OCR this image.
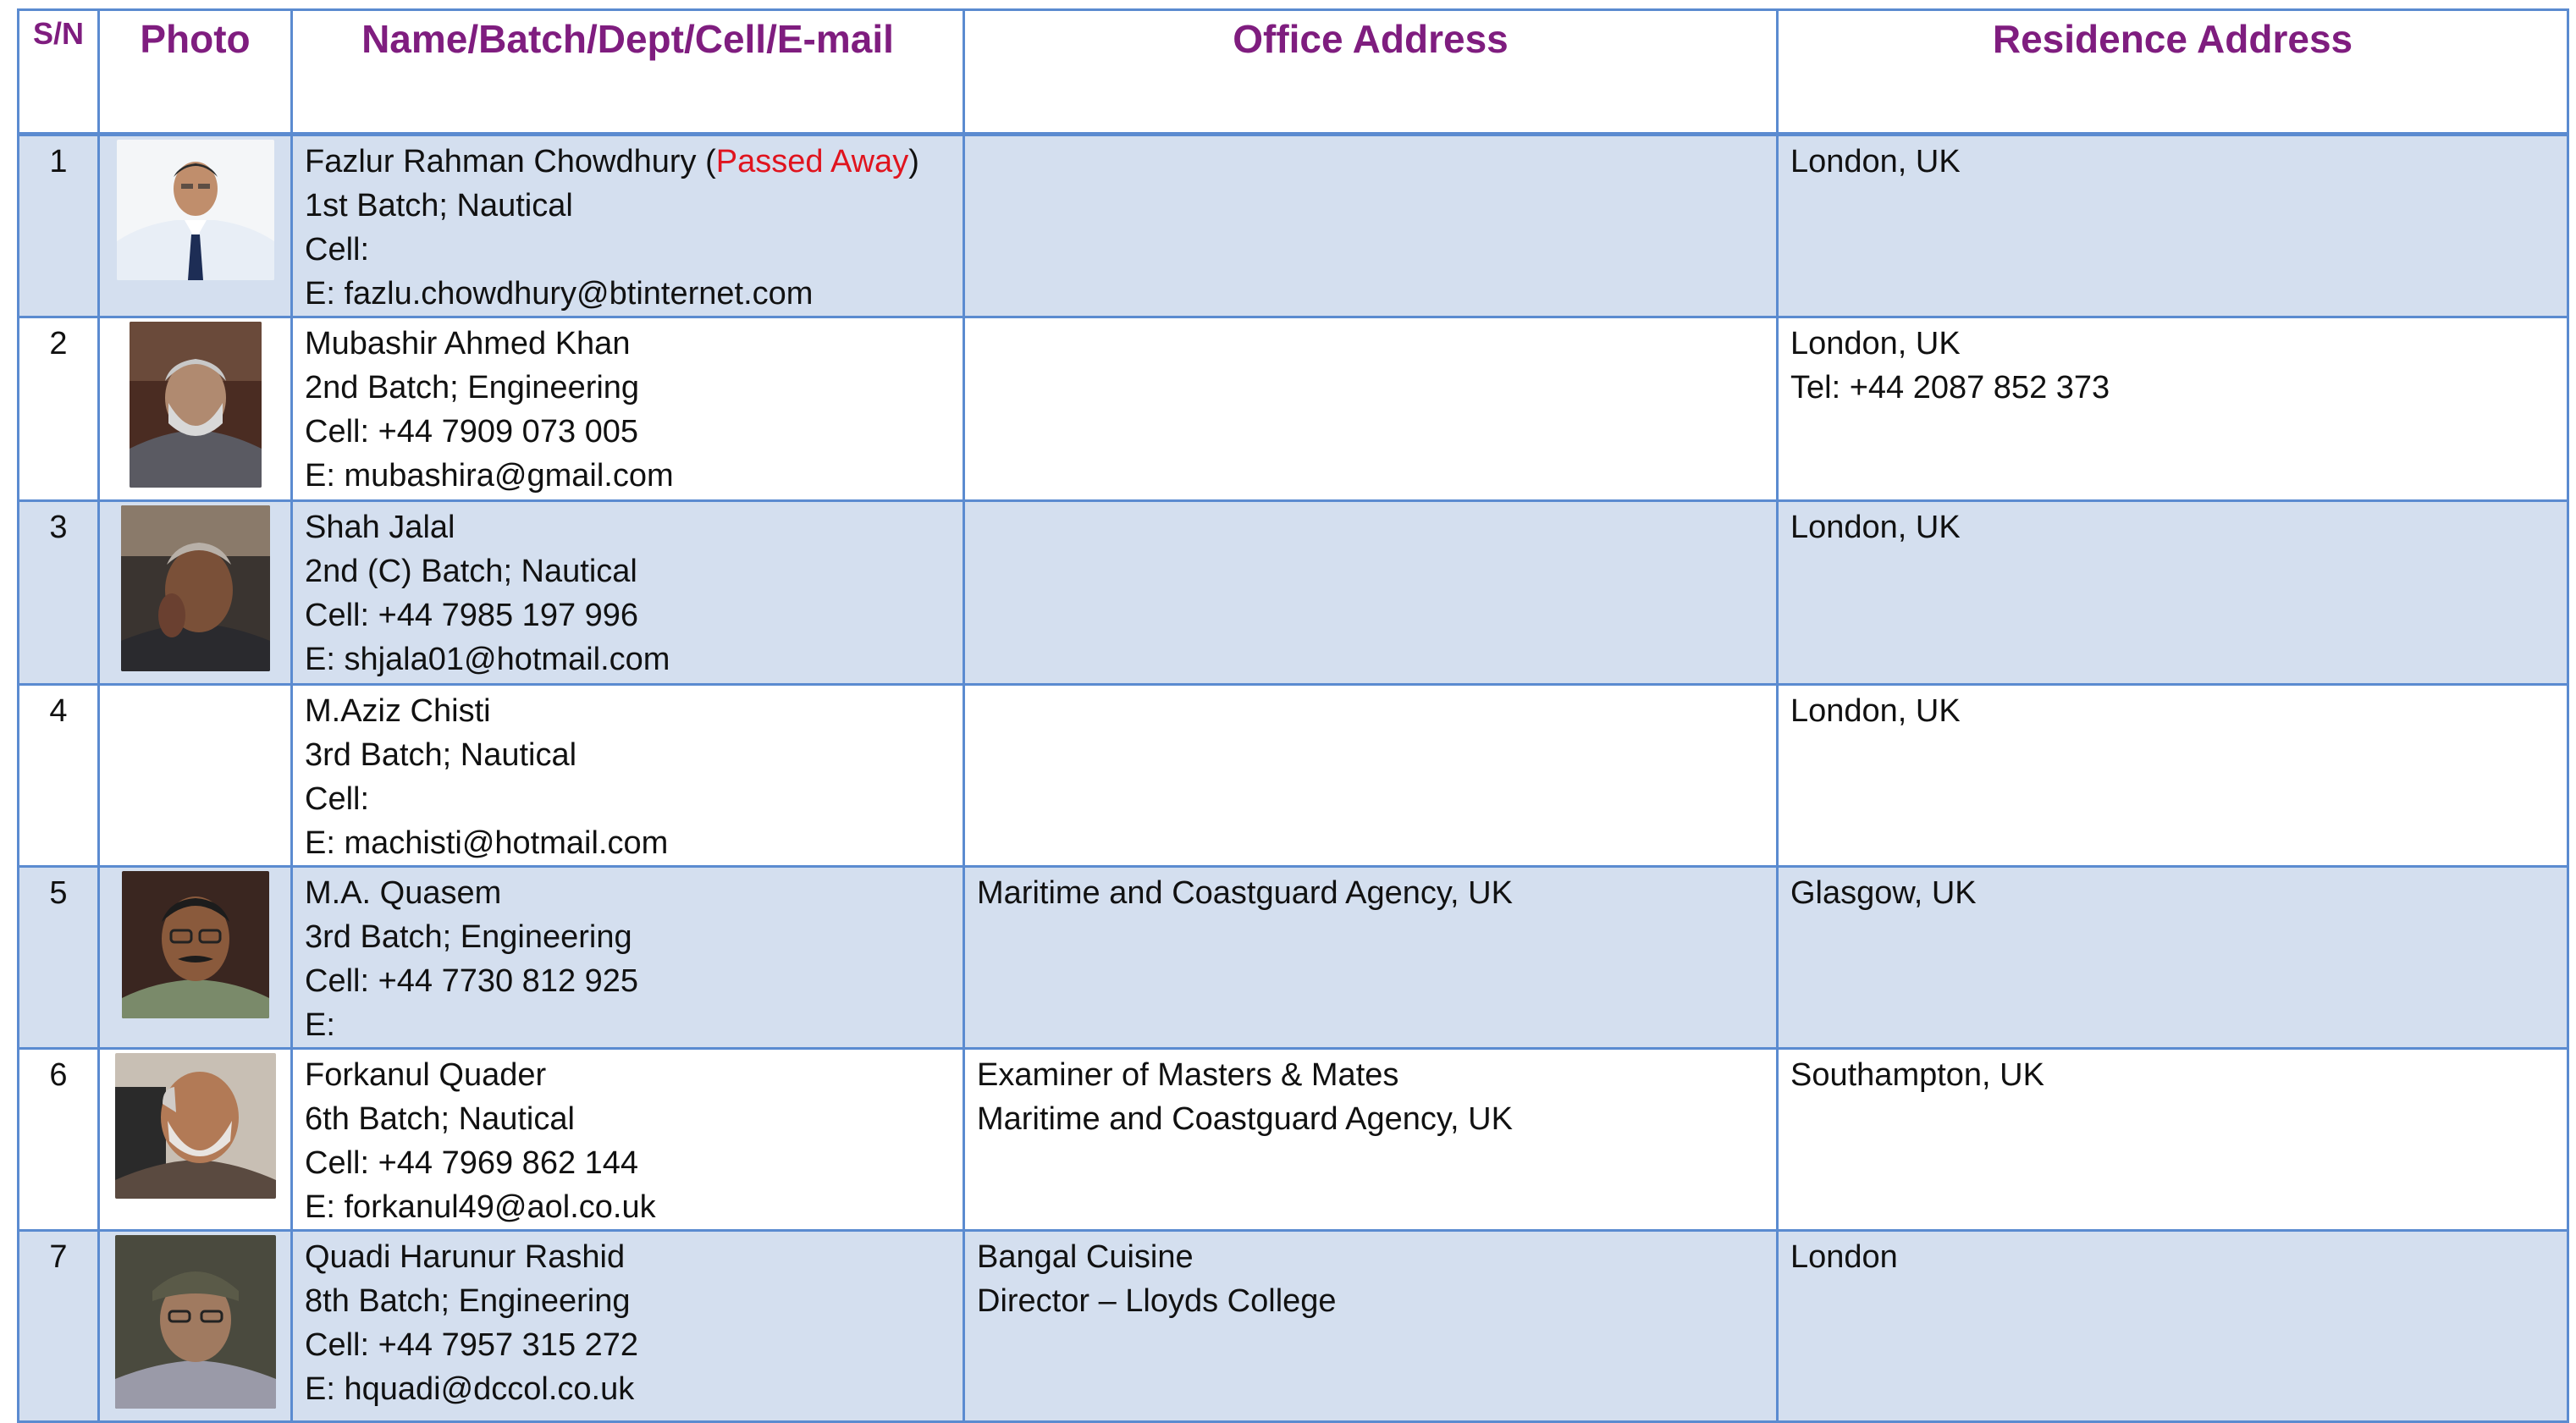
S/N	Photo	Name/Batch/Dept/Cell/E-mail	Office Address	Residence Address
1		Fazlur Rahman Chowdhury (Passed Away)
1st Batch; Nautical
Cell:
E: fazlu.chowdhury@btinternet.com		London, UK

2		Mubashir Ahmed Khan
2nd Batch; Engineering
Cell: +44 7909 073 005
E: mubashira@gmail.com		London, UK
Tel: +44 2087 852 373

3		Shah Jalal
2nd (C) Batch; Nautical
Cell: +44 7985 197 996
E: shjala01@hotmail.com		London, UK

4		M.Aziz Chisti
3rd Batch; Nautical
Cell:
E: machisti@hotmail.com		London, UK

5		M.A. Quasem
3rd Batch; Engineering
Cell: +44 7730 812 925
E:	Maritime and Coastguard Agency, UK	Glasgow, UK

6		Forkanul Quader
6th Batch; Nautical
Cell: +44 7969 862 144
E: forkanul49@aol.co.uk	Examiner of Masters & Mates
Maritime and Coastguard Agency, UK	Southampton, UK

7		Quadi Harunur Rashid
8th Batch; Engineering
Cell: +44 7957 315 272
E: hquadi@dccol.co.uk	Bangal Cuisine
Director – Lloyds College	London
